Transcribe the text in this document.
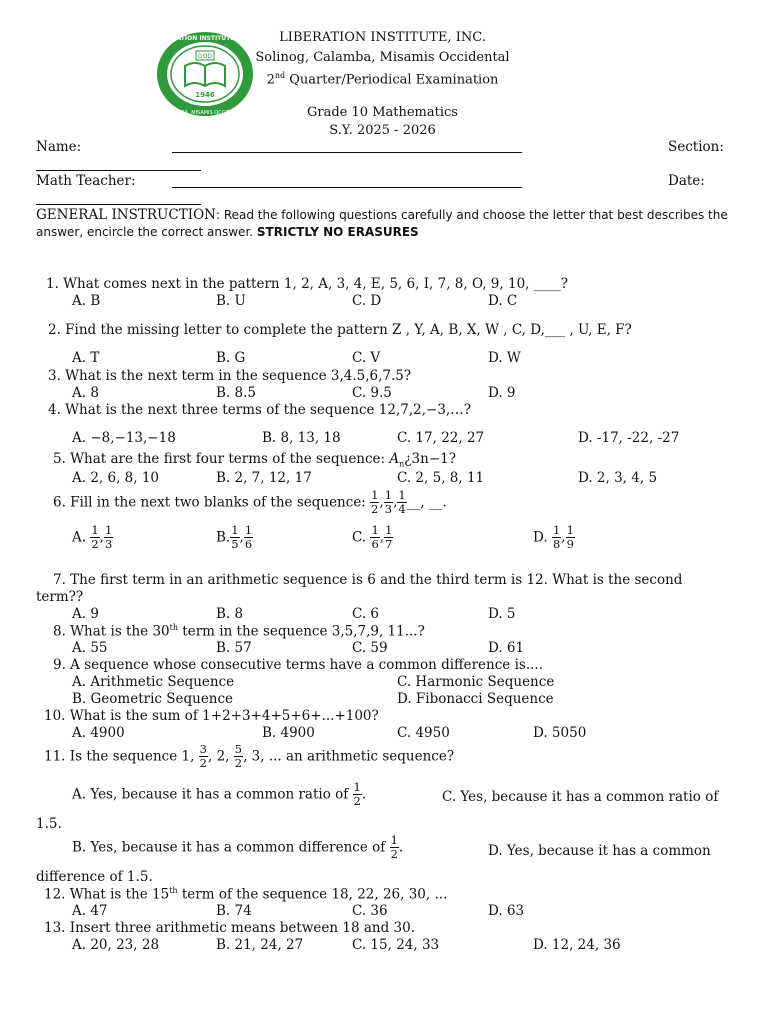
GOD
1946
LIBERATION INSTITUTE, INC.
CALAMBA, MISAMIS OCCIDENTAL
LIBERATION INSTITUTE, INC.
Solinog, Calamba, Misamis Occidental
2nd Quarter/Periodical Examination
Grade 10 Mathematics
S.Y. 2025 - 2026
Name:	Section:
Math Teacher:	Date:
GENERAL INSTRUCTION: Read the following questions carefully and choose the letter that best describes the
answer, encircle the correct answer. STRICTLY NO ERASURES
1. What comes next in the pattern 1, 2, A, 3, 4, E, 5, 6, I, 7, 8, O, 9, 10, ____?
A. B	B. U	C. D	D. C
2. Find the missing letter to complete the pattern Z , Y, A, B, X, W , C, D,___ , U, E, F?
A. T	B. G	C. V	D. W
3. What is the next term in the sequence 3,4.5,6,7.5?
A. 8	B. 8.5	C. 9.5	D. 9
4. What is the next three terms of the sequence 12,7,2,−3,…?
A. −8,−13,−18	B. 8, 13, 18	C. 17, 22, 27	D. -17, -22, -27
5. What are the first four terms of the sequence: $A_n¿3n-1$?
A. 2, 6, 8, 10	B. 2, 7, 12, 17	C. 2, 5, 8, 11	D. 2, 3, 4, 5
6. Fill in the next two blanks of the sequence: $\frac{1}{2}$ , $\frac{1}{3}$ , $\frac{1}{4}$ __, __.
A. $\frac{1}{2}$ , $\frac{1}{3}$	B. $\frac{1}{5}$ , $\frac{1}{6}$	C. $\frac{1}{6}$ , $\frac{1}{7}$	D. $\frac{1}{8}$ , $\frac{1}{9}$
7. The first term in an arithmetic sequence is 6 and the third term is 12. What is the second
term??
A. 9	B. 8	C. 6	D. 5
8. What is the 30th term in the sequence 3,5,7,9, 11...?
A. 55	B. 57	C. 59	D. 61
9. A sequence whose consecutive terms have a common difference is....
A. Arithmetic Sequence	C. Harmonic Sequence
B. Geometric Sequence	D. Fibonacci Sequence
10. What is the sum of 1+2+3+4+5+6+...+100?
A. 4900	B. 4900	C. 4950	D. 5050
11. Is the sequence 1, $\frac{3}{2}$ , 2, $\frac{5}{2}$ , 3, ... an arithmetic sequence?
A. Yes, because it has a common ratio of $\frac{1}{2}$ .	C. Yes, because it has a common ratio of
1.5.
B. Yes, because it has a common difference of $\frac{1}{2}$ .	D. Yes, because it has a common
difference of 1.5.
12. What is the 15th term of the sequence 18, 22, 26, 30, ...
A. 47	B. 74	C. 36	D. 63
13. Insert three arithmetic means between 18 and 30.
A. 20, 23, 28	B. 21, 24, 27	C. 15, 24, 33	D. 12, 24, 36
